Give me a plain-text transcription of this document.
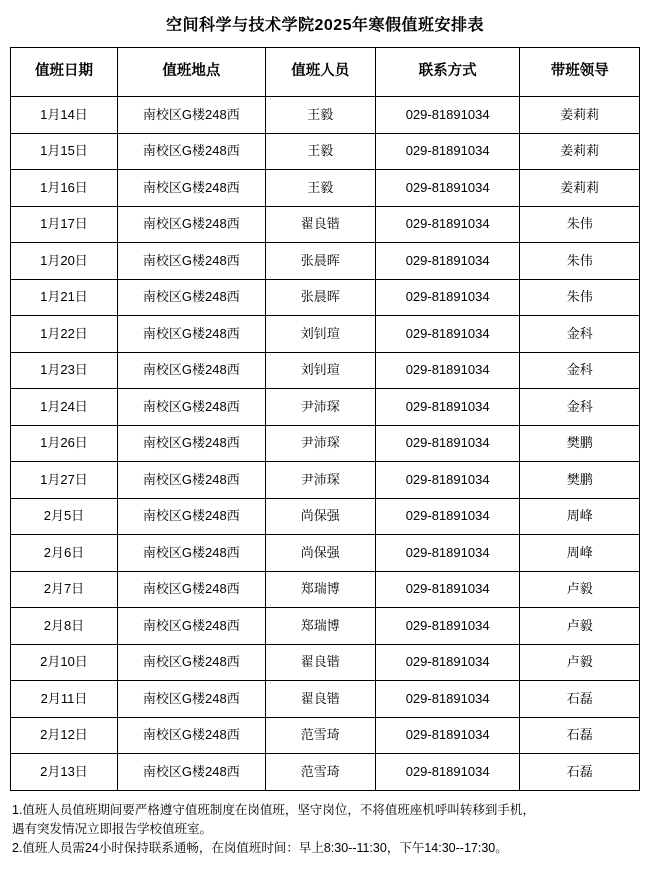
空间科学与技术学院2025年寒假值班安排表
值班日期	值班地点	值班人员	联系方式	带班领导
1月14日	南校区G楼248西	王毅	029-81891034	姜莉莉
1月15日	南校区G楼248西	王毅	029-81891034	姜莉莉
1月16日	南校区G楼248西	王毅	029-81891034	姜莉莉
1月17日	南校区G楼248西	翟良锴	029-81891034	朱伟
1月20日	南校区G楼248西	张晨晖	029-81891034	朱伟
1月21日	南校区G楼248西	张晨晖	029-81891034	朱伟
1月22日	南校区G楼248西	刘钊瑄	029-81891034	金科
1月23日	南校区G楼248西	刘钊瑄	029-81891034	金科
1月24日	南校区G楼248西	尹沛琛	029-81891034	金科
1月26日	南校区G楼248西	尹沛琛	029-81891034	樊鹏
1月27日	南校区G楼248西	尹沛琛	029-81891034	樊鹏
2月5日	南校区G楼248西	尚保强	029-81891034	周峰
2月6日	南校区G楼248西	尚保强	029-81891034	周峰
2月7日	南校区G楼248西	郑瑞博	029-81891034	卢毅
2月8日	南校区G楼248西	郑瑞博	029-81891034	卢毅
2月10日	南校区G楼248西	翟良锴	029-81891034	卢毅
2月11日	南校区G楼248西	翟良锴	029-81891034	石磊
2月12日	南校区G楼248西	范雪琦	029-81891034	石磊
2月13日	南校区G楼248西	范雪琦	029-81891034	石磊
1.值班人员值班期间要严格遵守值班制度在岗值班，坚守岗位，不将值班座机呼叫转移到手机，
遇有突发情况立即报告学校值班室。
2.值班人员需24小时保持联系通畅，在岗值班时间：早上8:30--11:30，下午14:30--17:30。
